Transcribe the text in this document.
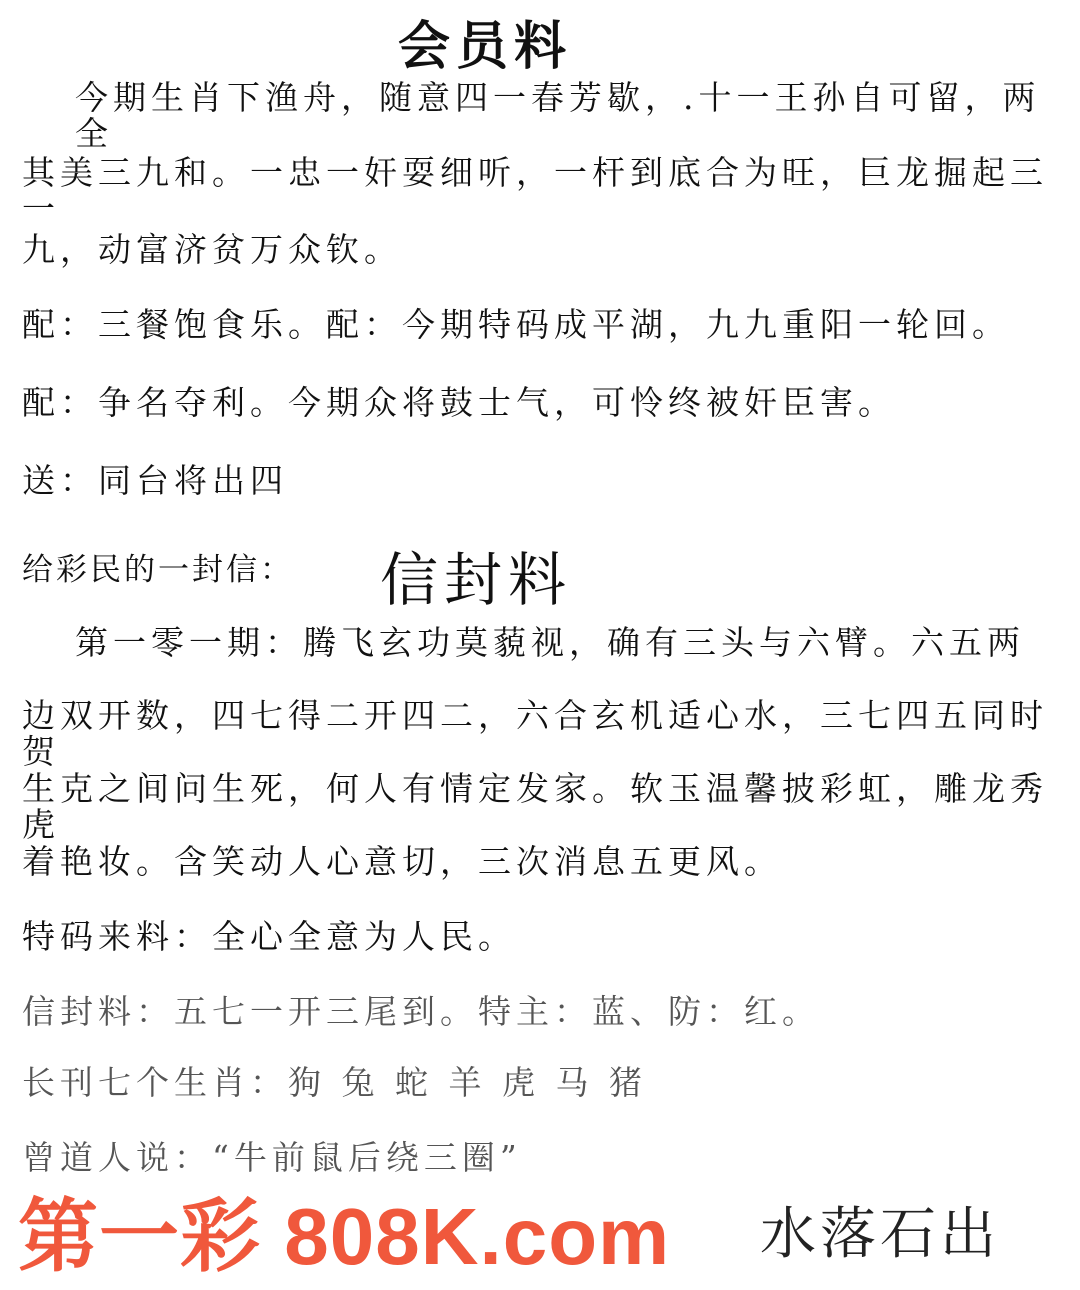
会员料
今期生肖下渔舟，随意四一春芳歇，.十一王孙自可留，两全
其美三九和。一忠一奸耍细听，一杆到底合为旺，巨龙掘起三一
九，动富济贫万众钦。
配：三餐饱食乐。配：今期特码成平湖，九九重阳一轮回。
配：争名夺利。今期众将鼓士气，可怜终被奸臣害。
送：同台将出四
给彩民的一封信： 信封料
第一零一期：腾飞玄功莫藐视，确有三头与六臂。六五两
边双开数，四七得二开四二，六合玄机适心水，三七四五同时贺
生克之间问生死，何人有情定发家。软玉温馨披彩虹，雕龙秀虎
着艳妆。含笑动人心意切，三次消息五更风。
特码来料：全心全意为人民。
信封料：五七一开三尾到。特主：蓝、防：红。
长刊七个生肖：狗 兔 蛇 羊 虎 马 猪
曾道人说：“牛前鼠后绕三圈”
第一彩 808K.com 水落石出
